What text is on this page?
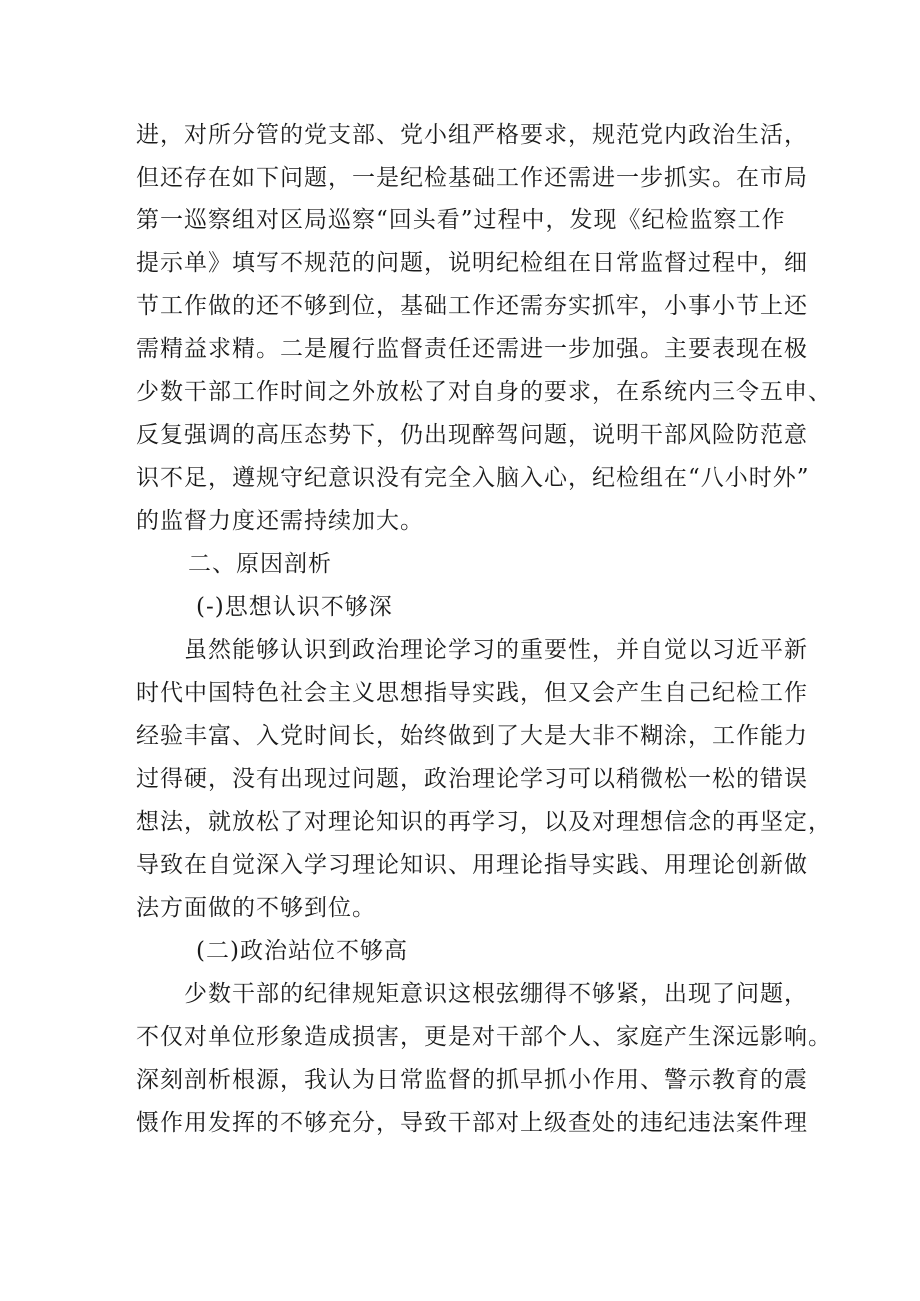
进，对所分管的党支部、党小组严格要求，规范党内政治生活，
但还存在如下问题，一是纪检基础工作还需进一步抓实。在市局
第一巡察组对区局巡察“回头看”过程中，发现《纪检监察工作
提示单》填写不规范的问题，说明纪检组在日常监督过程中，细
节工作做的还不够到位，基础工作还需夯实抓牢，小事小节上还
需精益求精。二是履行监督责任还需进一步加强。主要表现在极
少数干部工作时间之外放松了对自身的要求，在系统内三令五申、
反复强调的高压态势下，仍出现醉驾问题，说明干部风险防范意
识不足，遵规守纪意识没有完全入脑入心，纪检组在“八小时外”
的监督力度还需持续加大。
二、原因剖析
(-)思想认识不够深
虽然能够认识到政治理论学习的重要性，并自觉以习近平新
时代中国特色社会主义思想指导实践，但又会产生自己纪检工作
经验丰富、入党时间长，始终做到了大是大非不糊涂，工作能力
过得硬，没有出现过问题，政治理论学习可以稍微松一松的错误
想法，就放松了对理论知识的再学习，以及对理想信念的再坚定，
导致在自觉深入学习理论知识、用理论指导实践、用理论创新做
法方面做的不够到位。
(二)政治站位不够高
少数干部的纪律规矩意识这根弦绷得不够紧，出现了问题，
不仅对单位形象造成损害，更是对干部个人、家庭产生深远影响。
深刻剖析根源，我认为日常监督的抓早抓小作用、警示教育的震
慑作用发挥的不够充分，导致干部对上级查处的违纪违法案件理
